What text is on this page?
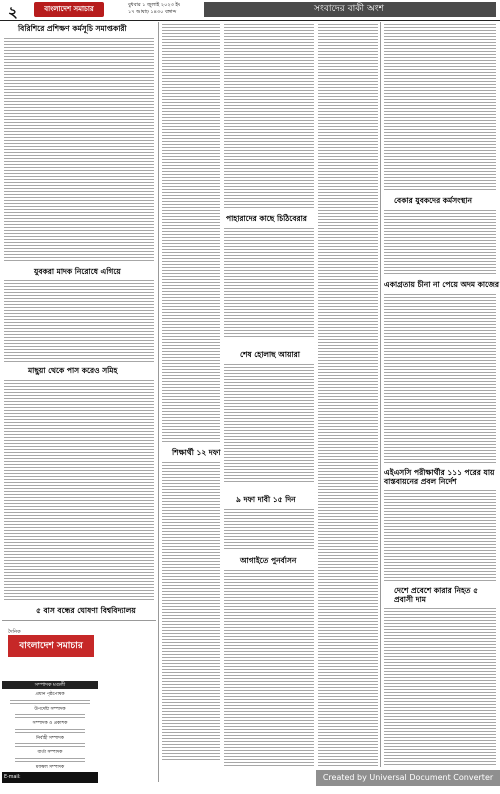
২	বাংলাদেশ সমাচার	বুধবার ১ জুলাই ২০২৩ ইং
১৭ আষাঢ় ১৪৩০ বঙ্গাব্দ	সংবাদের বাকী অংশ
বিরিশিরে প্রশিক্ষণ কর্মসূচি সমাপ্তকারী
যুবকরা মাদক নিরোধে এগিয়ে
মাছুয়া থেকে পাস করেও সমিহ
৫ বাস বন্ধের ঘোষণা বিশ্ববিদ্যালয়
দৈনিক
বাংলাদেশ সমাচার
সম্পাদক মণ্ডলী
প্রধান পৃষ্ঠপোষক
উপদেষ্টা সম্পাদক
সম্পাদক ও প্রকাশক
নির্বাহী সম্পাদক
বার্তা সম্পাদক
মফস্বল সম্পাদক
E-mail: bangladeshsomachar@gmail.com
শিক্ষার্থী ১২ দফা
পাহারাদের কাছে চিঠিবেরার
শেষ হোলাছ আয়ারা
৯ দফা দাবী ১৫ দিন
আগাইতে পুনর্বাসন
বেকার যুবকদের কর্মসংস্থান
একাগ্রতায় চীনা না পেয়ে অদম কাজের
এইএসসি পরীক্ষার্থীর ১১১ পরের যায় বাস্তবায়নের প্রবল নির্দেশ
দেশে প্রবেশে কারার নিহত ৫ প্রবাসী দাম
Created by Universal Document Converter
